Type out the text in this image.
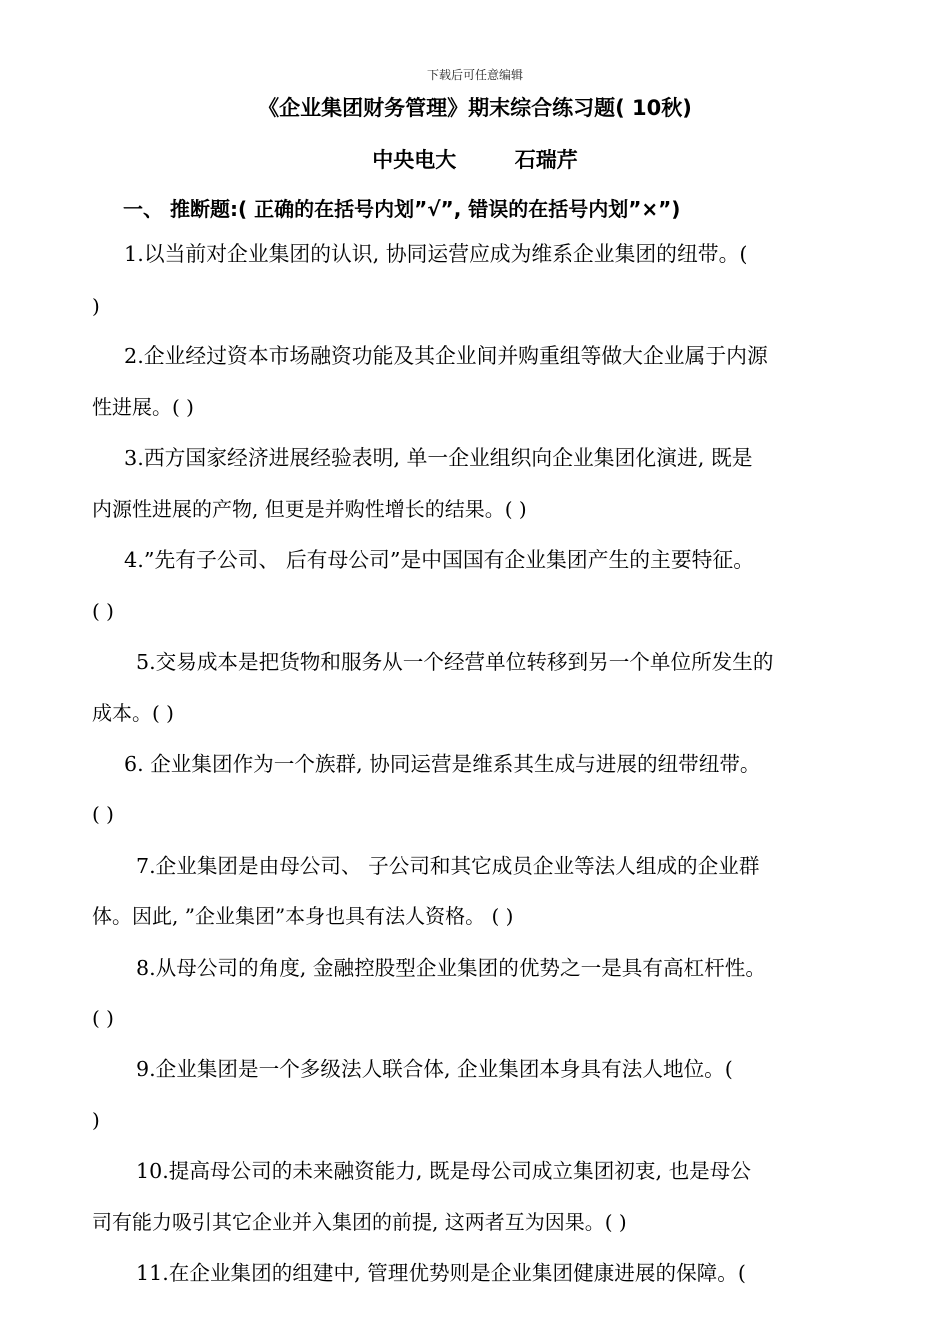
下载后可任意编辑
《企业集团财务管理》期末综合练习题( 10秋)
中央电大        石瑞芹
一、 推断题:( 正确的在括号内划”√”, 错误的在括号内划”×”)
1.以当前对企业集团的认识, 协同运营应成为维系企业集团的纽带。(
)
2.企业经过资本市场融资功能及其企业间并购重组等做大企业属于内源
性进展。( )
3.西方国家经济进展经验表明, 单一企业组织向企业集团化演进, 既是
内源性进展的产物, 但更是并购性增长的结果。( )
4.”先有子公司、 后有母公司”是中国国有企业集团产生的主要特征。
( )
5.交易成本是把货物和服务从一个经营单位转移到另一个单位所发生的
成本。( )
6. 企业集团作为一个族群, 协同运营是维系其生成与进展的纽带纽带。
( )
7.企业集团是由母公司、 子公司和其它成员企业等法人组成的企业群
体。因此, ”企业集团”本身也具有法人资格。 ( )
8.从母公司的角度, 金融控股型企业集团的优势之一是具有高杠杆性。
( )
9.企业集团是一个多级法人联合体, 企业集团本身具有法人地位。(
)
10.提高母公司的未来融资能力, 既是母公司成立集团初衷, 也是母公
司有能力吸引其它企业并入集团的前提, 这两者互为因果。( )
11.在企业集团的组建中, 管理优势则是企业集团健康进展的保障。(
